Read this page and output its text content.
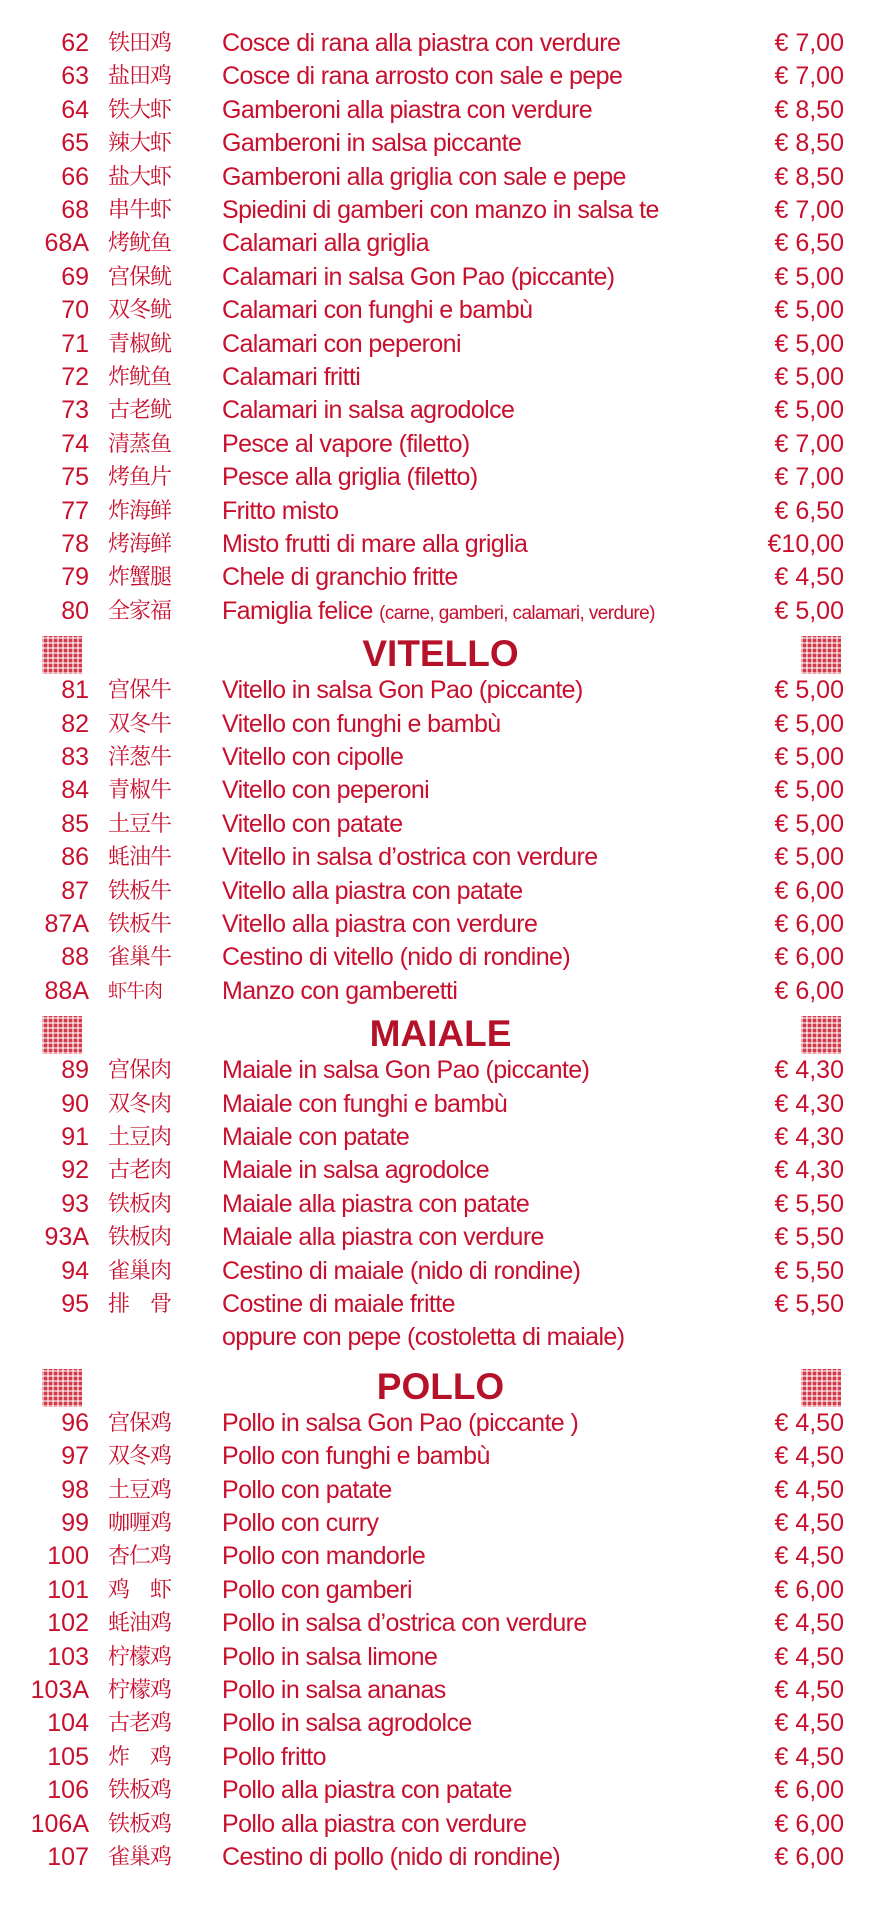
62 铁田鸡 Cosce di rana alla piastra con verdure	€ 7,00
63 盐田鸡 Cosce di rana arrosto con sale e pepe	€ 7,00
64 铁大虾 Gamberoni alla piastra con verdure	€ 8,50
65 辣大虾 Gamberoni in salsa piccante	€ 8,50
66 盐大虾 Gamberoni alla griglia con sale e pepe	€ 8,50
68 串牛虾 Spiedini di gamberi con manzo in salsa te	€ 7,00
68A 烤鱿鱼 Calamari alla griglia	€ 6,50
69 宫保鱿 Calamari in salsa Gon Pao (piccante)	€ 5,00
70 双冬鱿 Calamari con funghi e bambù	€ 5,00
71 青椒鱿 Calamari con peperoni	€ 5,00
72 炸鱿鱼 Calamari fritti	€ 5,00
73 古老鱿 Calamari in salsa agrodolce	€ 5,00
74 清蒸鱼 Pesce al vapore (filetto)	€ 7,00
75 烤鱼片 Pesce alla griglia (filetto)	€ 7,00
77 炸海鲜 Fritto misto	€ 6,50
78 烤海鲜 Misto frutti di mare alla griglia	€10,00
79 炸蟹腿 Chele di granchio fritte	€ 4,50
80 全家福 Famiglia felice (carne, gamberi, calamari, verdure)	€ 5,00
VITELLO
81 宫保牛 Vitello in salsa Gon Pao (piccante)	€ 5,00
82 双冬牛 Vitello con funghi e bambù	€ 5,00
83 洋葱牛 Vitello con cipolle	€ 5,00
84 青椒牛 Vitello con peperoni	€ 5,00
85 土豆牛 Vitello con patate	€ 5,00
86 蚝油牛 Vitello in salsa d’ostrica con verdure	€ 5,00
87 铁板牛 Vitello alla piastra con patate	€ 6,00
87A 铁板牛 Vitello alla piastra con verdure	€ 6,00
88 雀巢牛 Cestino di vitello (nido di rondine)	€ 6,00
88A 虾牛肉 Manzo con gamberetti	€ 6,00
MAIALE
89 宫保肉 Maiale in salsa Gon Pao (piccante)	€ 4,30
90 双冬肉 Maiale con funghi e bambù	€ 4,30
91 土豆肉 Maiale con patate	€ 4,30
92 古老肉 Maiale in salsa agrodolce	€ 4,30
93 铁板肉 Maiale alla piastra con patate	€ 5,50
93A 铁板肉 Maiale alla piastra con verdure	€ 5,50
94 雀巢肉 Cestino di maiale (nido di rondine)	€ 5,50
95 排　骨 Costine di maiale fritte	€ 5,50
oppure con pepe (costoletta di maiale)
POLLO
96 宫保鸡 Pollo in salsa Gon Pao (piccante )	€ 4,50
97 双冬鸡 Pollo con funghi e bambù	€ 4,50
98 土豆鸡 Pollo con patate	€ 4,50
99 咖喱鸡 Pollo con curry	€ 4,50
100 杏仁鸡 Pollo con mandorle	€ 4,50
101 鸡　虾 Pollo con gamberi	€ 6,00
102 蚝油鸡 Pollo in salsa d’ostrica con verdure	€ 4,50
103 柠檬鸡 Pollo in salsa limone	€ 4,50
103A 柠檬鸡 Pollo in salsa ananas	€ 4,50
104 古老鸡 Pollo in salsa agrodolce	€ 4,50
105 炸　鸡 Pollo fritto	€ 4,50
106 铁板鸡 Pollo alla piastra con patate	€ 6,00
106A 铁板鸡 Pollo alla piastra con verdure	€ 6,00
107 雀巢鸡 Cestino di pollo (nido di rondine)	€ 6,00
